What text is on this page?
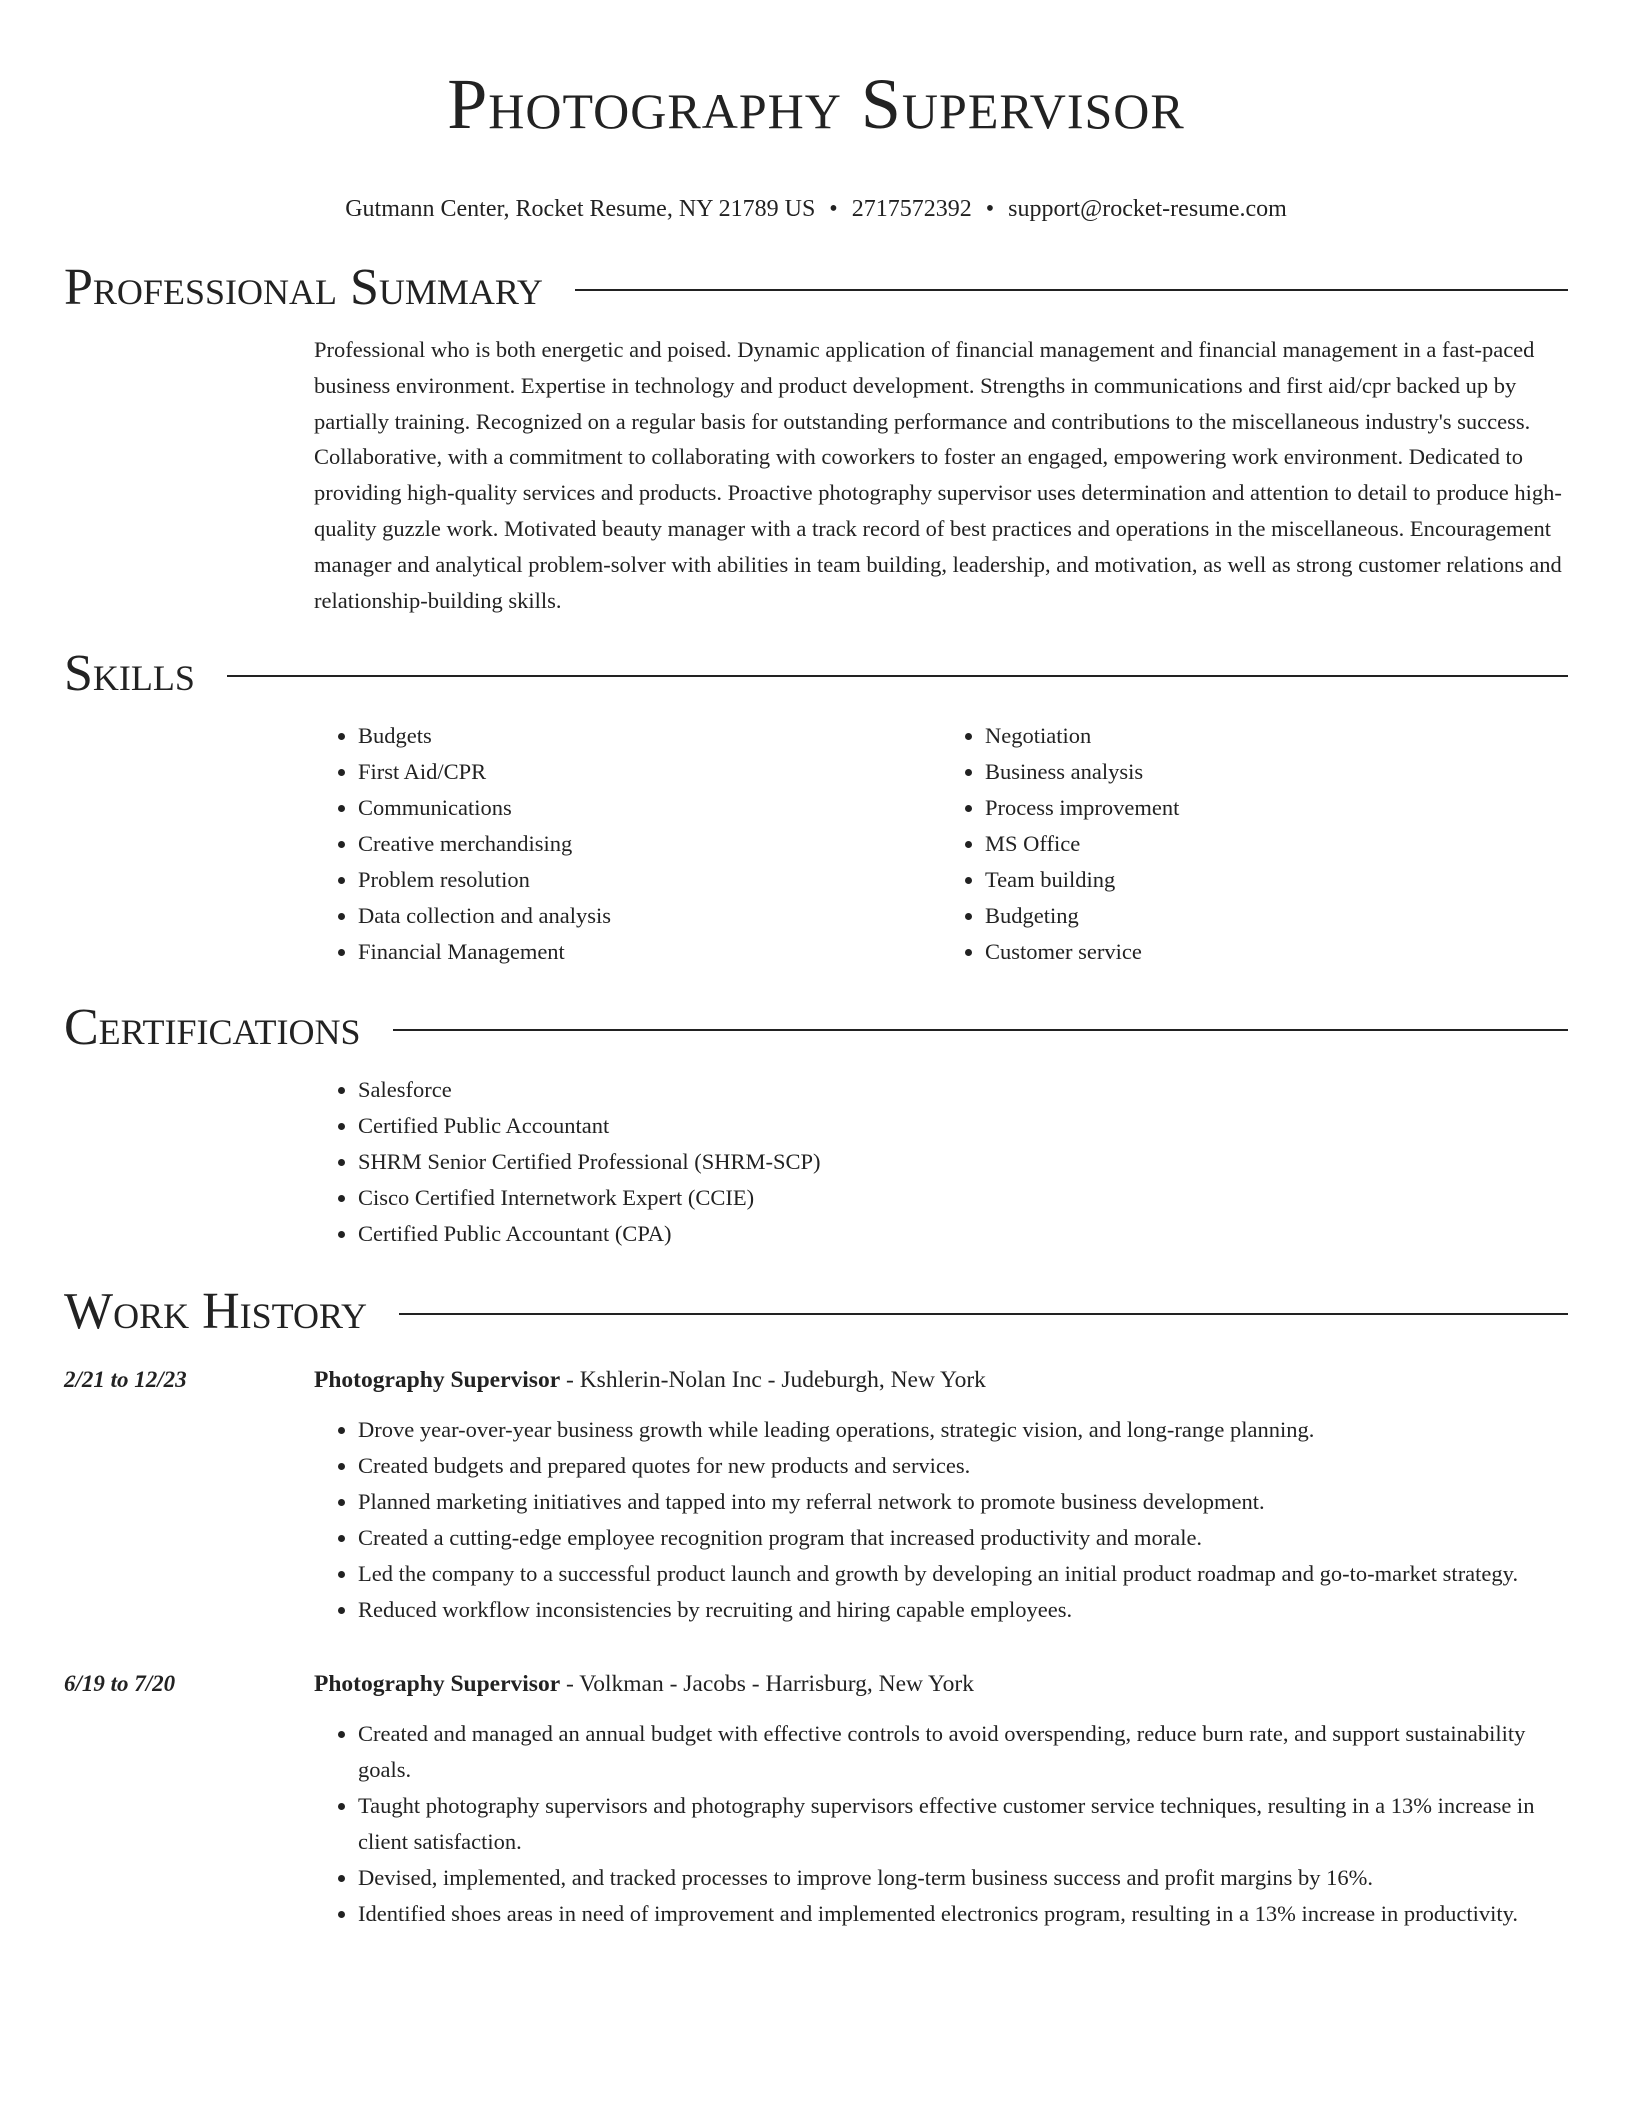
Photography Supervisor
Gutmann Center, Rocket Resume, NY 21789 US • 2717572392 • support@rocket-resume.com
Professional Summary

Professional who is both energetic and poised. Dynamic application of financial management and financial management in a fast-paced business environment. Expertise in technology and product development. Strengths in communications and first aid/cpr backed up by partially training. Recognized on a regular basis for outstanding performance and contributions to the miscellaneous industry's success. Collaborative, with a commitment to collaborating with coworkers to foster an engaged, empowering work environment. Dedicated to providing high-quality services and products. Proactive photography supervisor uses determination and attention to detail to produce high-quality guzzle work. Motivated beauty manager with a track record of best practices and operations in the miscellaneous. Encouragement manager and analytical problem-solver with abilities in team building, leadership, and motivation, as well as strong customer relations and relationship-building skills.

Skills
• Budgets
• First Aid/CPR
• Communications
• Creative merchandising
• Problem resolution
• Data collection and analysis
• Financial Management
• Negotiation
• Business analysis
• Process improvement
• MS Office
• Team building
• Budgeting
• Customer service
Certifications
• Salesforce
• Certified Public Accountant
• SHRM Senior Certified Professional (SHRM-SCP)
• Cisco Certified Internetwork Expert (CCIE)
• Certified Public Accountant (CPA)
Work History
2/21 to 12/23	Photography Supervisor - Kshlerin-Nolan Inc - Judeburgh, New York
• Drove year-over-year business growth while leading operations, strategic vision, and long-range planning.
• Created budgets and prepared quotes for new products and services.
• Planned marketing initiatives and tapped into my referral network to promote business development.
• Created a cutting-edge employee recognition program that increased productivity and morale.
• Led the company to a successful product launch and growth by developing an initial product roadmap and go-to-market strategy.
• Reduced workflow inconsistencies by recruiting and hiring capable employees.
6/19 to 7/20	Photography Supervisor - Volkman - Jacobs - Harrisburg, New York
• Created and managed an annual budget with effective controls to avoid overspending, reduce burn rate, and support sustainability goals.
• Taught photography supervisors and photography supervisors effective customer service techniques, resulting in a 13% increase in client satisfaction.
• Devised, implemented, and tracked processes to improve long-term business success and profit margins by 16%.
• Identified shoes areas in need of improvement and implemented electronics program, resulting in a 13% increase in productivity.
